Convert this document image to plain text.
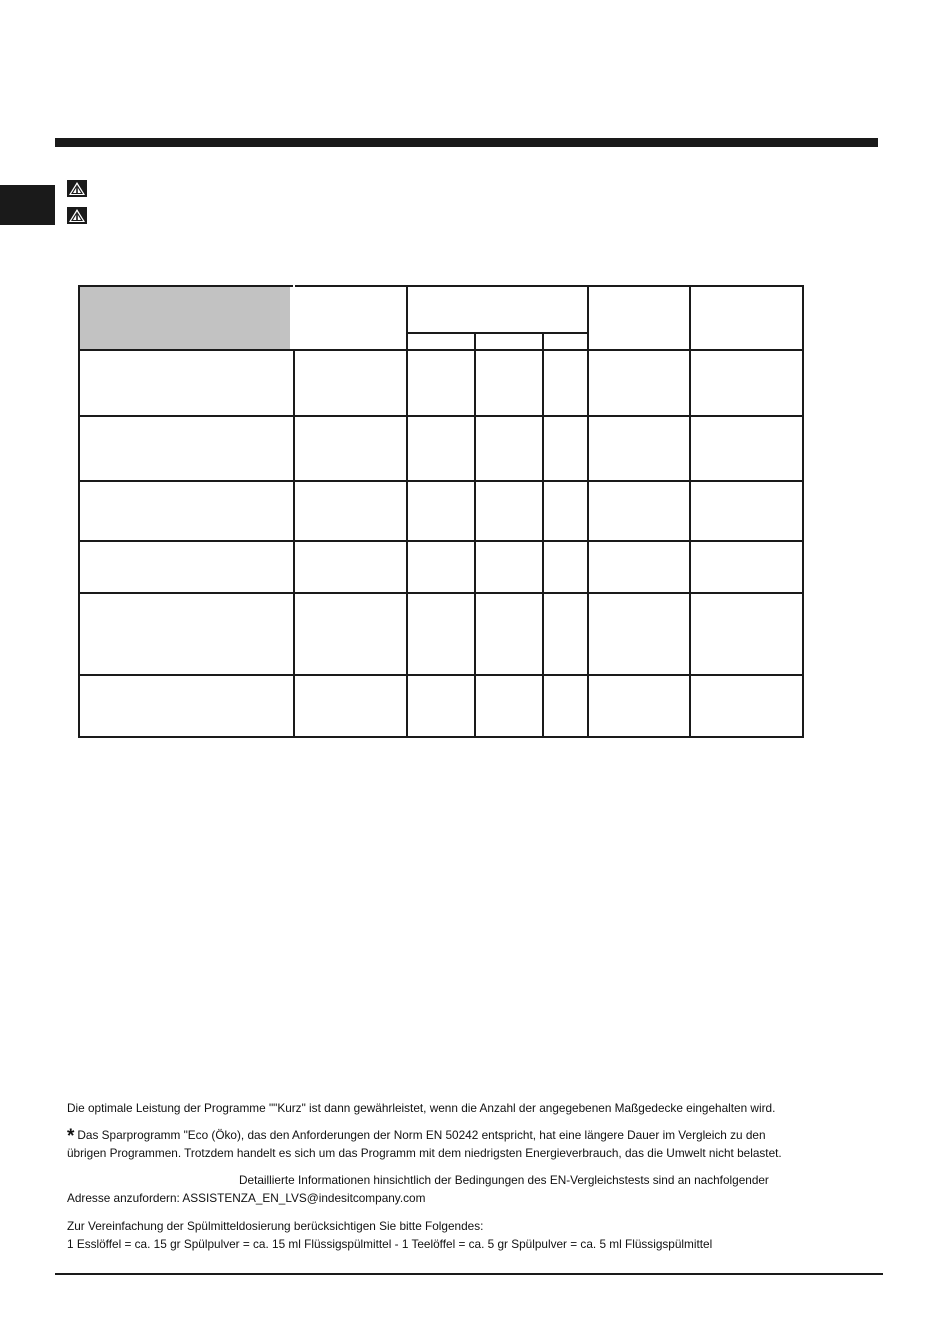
Die optimale Leistung der Programme ""Kurz" ist dann gewährleistet, wenn die Anzahl der angegebenen Maßgedecke eingehalten wird.

* Das Sparprogramm "Eco (Öko), das den Anforderungen der Norm EN 50242 entspricht, hat eine längere Dauer im Vergleich zu den

übrigen Programmen. Trotzdem handelt es sich um das Programm mit dem niedrigsten Energieverbrauch, das die Umwelt nicht belastet.

Detaillierte Informationen hinsichtlich der Bedingungen des EN-Vergleichstests sind an nachfolgender

Adresse anzufordern: ASSISTENZA_EN_LVS@indesitcompany.com

Zur Vereinfachung der Spülmitteldosierung berücksichtigen Sie bitte Folgendes:

1 Esslöffel = ca. 15 gr Spülpulver = ca. 15 ml Flüssigspülmittel - 1 Teelöffel = ca. 5 gr Spülpulver = ca. 5 ml Flüssigspülmittel
